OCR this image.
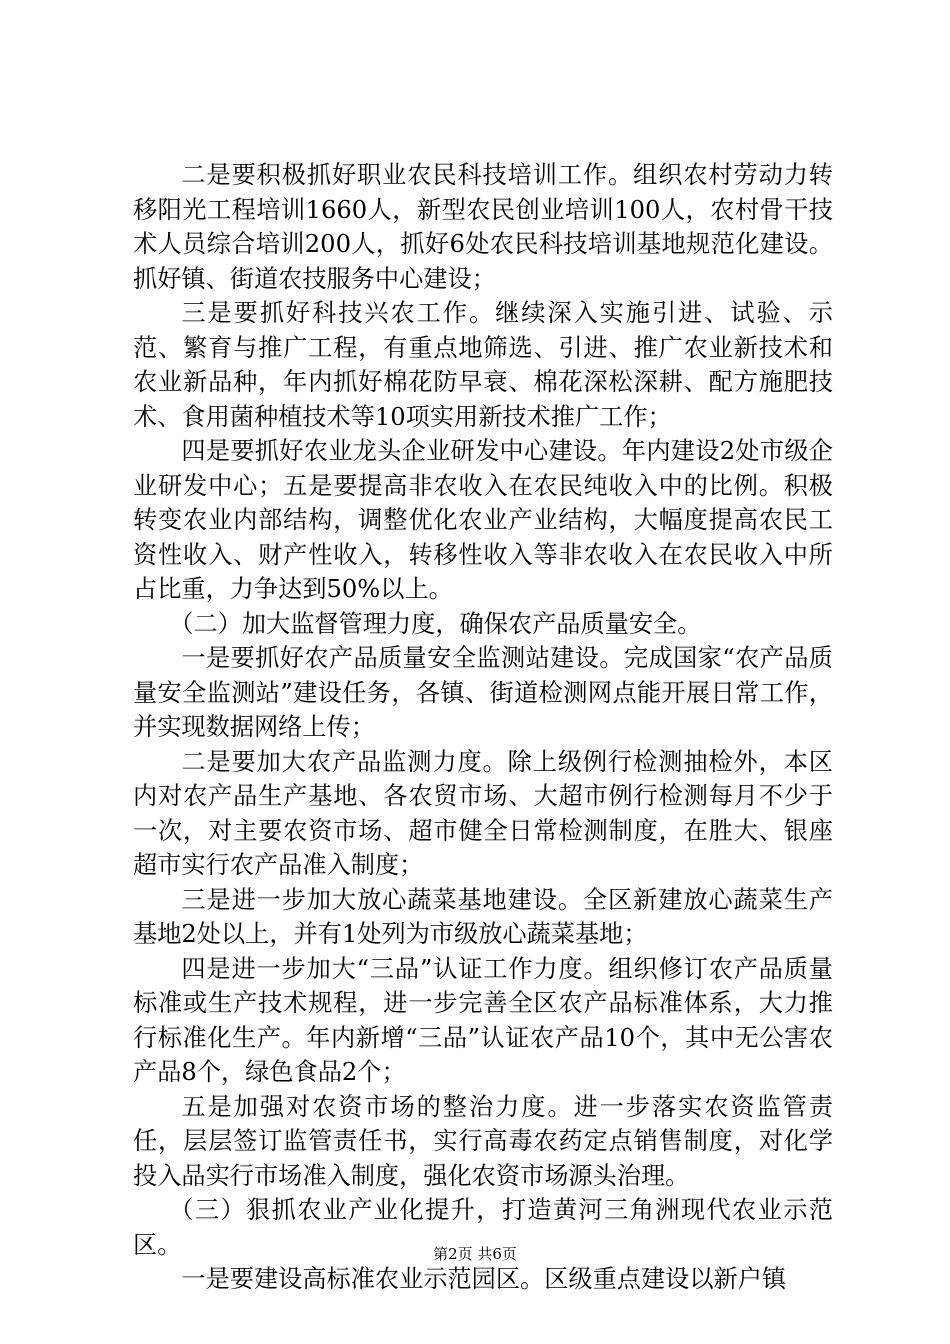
二是要积极抓好职业农民科技培训工作。组织农村劳动力转移阳光工程培训1660人，新型农民创业培训100人，农村骨干技术人员综合培训200人，抓好6处农民科技培训基地规范化建设。抓好镇、街道农技服务中心建设；

三是要抓好科技兴农工作。继续深入实施引进、试验、示范、繁育与推广工程，有重点地筛选、引进、推广农业新技术和农业新品种，年内抓好棉花防早衰、棉花深松深耕、配方施肥技术、食用菌种植技术等10项实用新技术推广工作；

四是要抓好农业龙头企业研发中心建设。年内建设2处市级企业研发中心；五是要提高非农收入在农民纯收入中的比例。积极转变农业内部结构，调整优化农业产业结构，大幅度提高农民工资性收入、财产性收入，转移性收入等非农收入在农民收入中所占比重，力争达到50%以上。

（二）加大监督管理力度，确保农产品质量安全。

一是要抓好农产品质量安全监测站建设。完成国家“农产品质量安全监测站”建设任务，各镇、街道检测网点能开展日常工作，并实现数据网络上传；

二是要加大农产品监测力度。除上级例行检测抽检外，本区内对农产品生产基地、各农贸市场、大超市例行检测每月不少于一次，对主要农资市场、超市健全日常检测制度，在胜大、银座超市实行农产品准入制度；

三是进一步加大放心蔬菜基地建设。全区新建放心蔬菜生产基地2处以上，并有1处列为市级放心蔬菜基地；

四是进一步加大“三品”认证工作力度。组织修订农产品质量标准或生产技术规程，进一步完善全区农产品标准体系，大力推行标准化生产。年内新增“三品”认证农产品10个，其中无公害农产品8个，绿色食品2个；

五是加强对农资市场的整治力度。进一步落实农资监管责任，层层签订监管责任书，实行高毒农药定点销售制度，对化学投入品实行市场准入制度，强化农资市场源头治理。

（三）狠抓农业产业化提升，打造黄河三角洲现代农业示范区。

一是要建设高标准农业示范园区。区级重点建设以新户镇

第2页 共6页
